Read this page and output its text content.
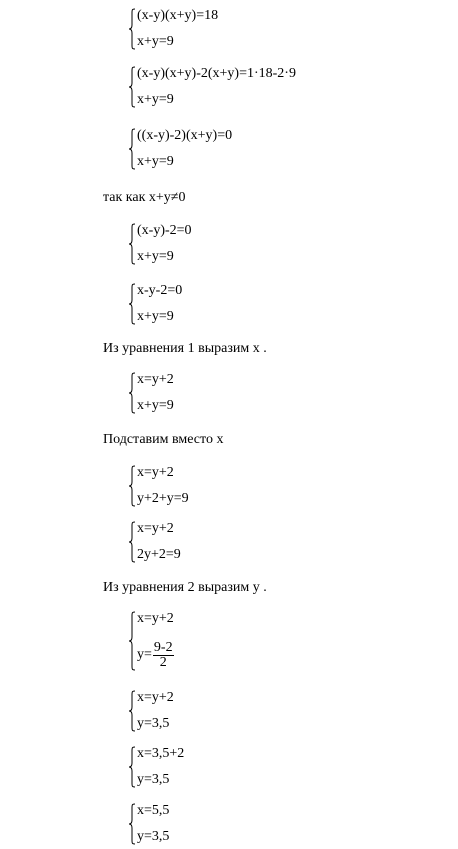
(x-y)(x+y)=18
x+y=9
(x-y)(x+y)-2(x+y)=1·18-2·9
x+y=9
((x-y)-2)(x+y)=0
x+y=9
так как x+y≠0
(x-y)-2=0
x+y=9
x-y-2=0
x+y=9
Из уравнения 1 выразим x .
x=y+2
x+y=9
Подставим вместо x
x=y+2
y+2+y=9
x=y+2
2y+2=9
Из уравнения 2 выразим y .
x=y+2
$y= \frac{9-2}{2}$
x=y+2
y=3,5
x=3,5+2
y=3,5
x=5,5
y=3,5
